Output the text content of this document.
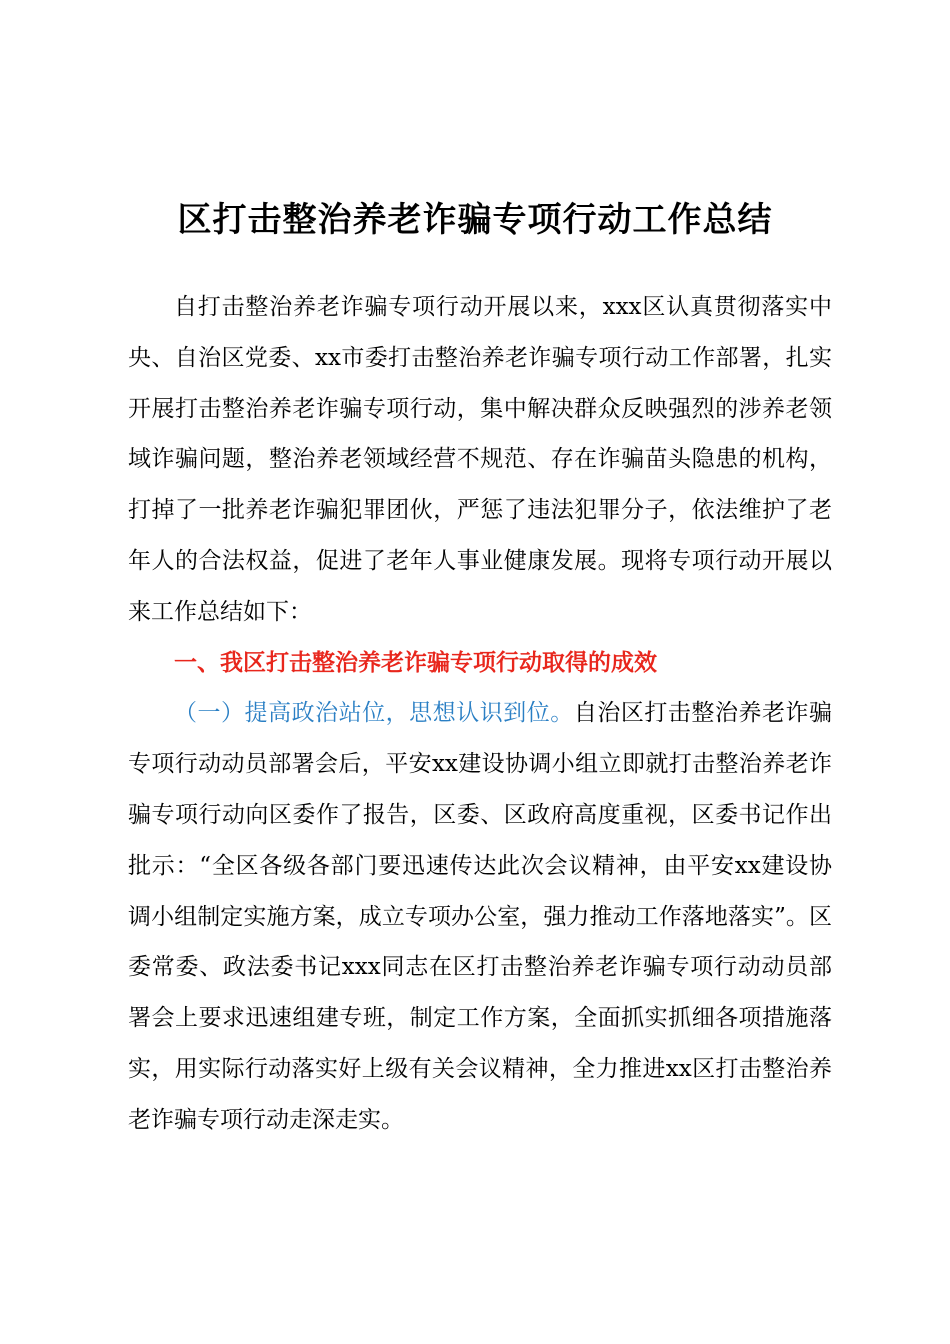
区打击整治养老诈骗专项行动工作总结

自打击整治养老诈骗专项行动开展以来，xxx区认真贯彻落实中央、自治区党委、xx市委打击整治养老诈骗专项行动工作部署，扎实开展打击整治养老诈骗专项行动，集中解决群众反映强烈的涉养老领域诈骗问题，整治养老领域经营不规范、存在诈骗苗头隐患的机构，打掉了一批养老诈骗犯罪团伙，严惩了违法犯罪分子，依法维护了老年人的合法权益，促进了老年人事业健康发展。现将专项行动开展以来工作总结如下：

一、我区打击整治养老诈骗专项行动取得的成效

（一）提高政治站位，思想认识到位。自治区打击整治养老诈骗专项行动动员部署会后，平安xx建设协调小组立即就打击整治养老诈骗专项行动向区委作了报告，区委、区政府高度重视，区委书记作出批示：“全区各级各部门要迅速传达此次会议精神，由平安xx建设协调小组制定实施方案，成立专项办公室，强力推动工作落地落实”。区委常委、政法委书记xxx同志在区打击整治养老诈骗专项行动动员部署会上要求迅速组建专班，制定工作方案，全面抓实抓细各项措施落实，用实际行动落实好上级有关会议精神，全力推进xx区打击整治养老诈骗专项行动走深走实。
